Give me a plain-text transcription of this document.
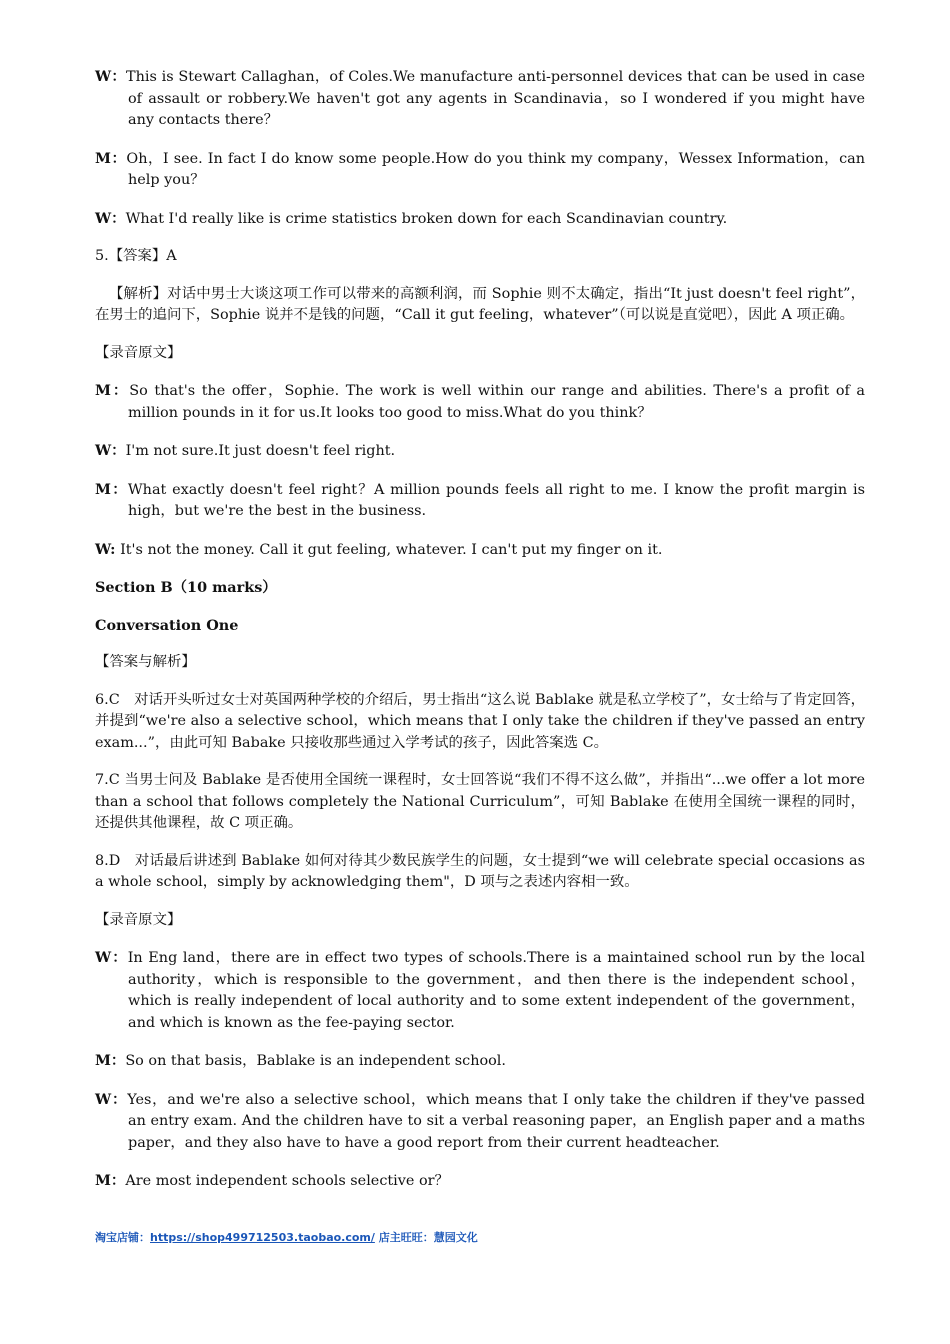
W：This is Stewart Callaghan，of Coles.We manufacture anti-personnel devices that can be used in case of assault or robbery.We haven't got any agents in Scandinavia，so I wondered if you might have any contacts there？

M：Oh，I see. In fact I do know some people.How do you think my company，Wessex Information，can help you？

W：What I'd really like is crime statistics broken down for each Scandinavian country.

5.【答案】A

【解析】对话中男士大谈这项工作可以带来的高额利润，而 Sophie 则不太确定，指出“It just doesn't feel right”，在男士的追问下，Sophie 说并不是钱的问题，“Call it gut feeling，whatever”（可以说是直觉吧），因此 A 项正确。

【录音原文】

M：So that's the offer，Sophie. The work is well within our range and abilities. There's a profit of a million pounds in it for us.It looks too good to miss.What do you think？

W：I'm not sure.It just doesn't feel right.

M：What exactly doesn't feel right？A million pounds feels all right to me. I know the profit margin is high，but we're the best in the business.

W: It's not the money. Call it gut feeling, whatever. I can't put my finger on it.

Section B（10 marks）

Conversation One

【答案与解析】

6.C　对话开头听过女士对英国两种学校的介绍后，男士指出“这么说 Bablake 就是私立学校了”，女士给与了肯定回答，并提到“we're also a selective school，which means that I only take the children if they've passed an entry exam...”，由此可知 Babake 只接收那些通过入学考试的孩子，因此答案选 C。

7.C 当男士问及 Bablake 是否使用全国统一课程时，女士回答说“我们不得不这么做”，并指出“...we offer a lot more than a school that follows completely the National Curriculum”，可知 Bablake 在使用全国统一课程的同时，还提供其他课程，故 C 项正确。

8.D　对话最后讲述到 Bablake 如何对待其少数民族学生的问题，女士提到“we will celebrate special occasions as a whole school，simply by acknowledging them"，D 项与之表述内容相一致。

【录音原文】

W：In Eng land，there are in effect two types of schools.There is a maintained school run by the local authority，which is responsible to the government，and then there is the independent school，which is really independent of local authority and to some extent independent of the government，and which is known as the fee-paying sector.

M：So on that basis，Bablake is an independent school.

W：Yes，and we're also a selective school，which means that I only take the children if they've passed an entry exam. And the children have to sit a verbal reasoning paper，an English paper and a maths paper，and they also have to have a good report from their current headteacher.

M：Are most independent schools selective or？

淘宝店铺：https://shop499712503.taobao.com/ 店主旺旺：慧园文化
